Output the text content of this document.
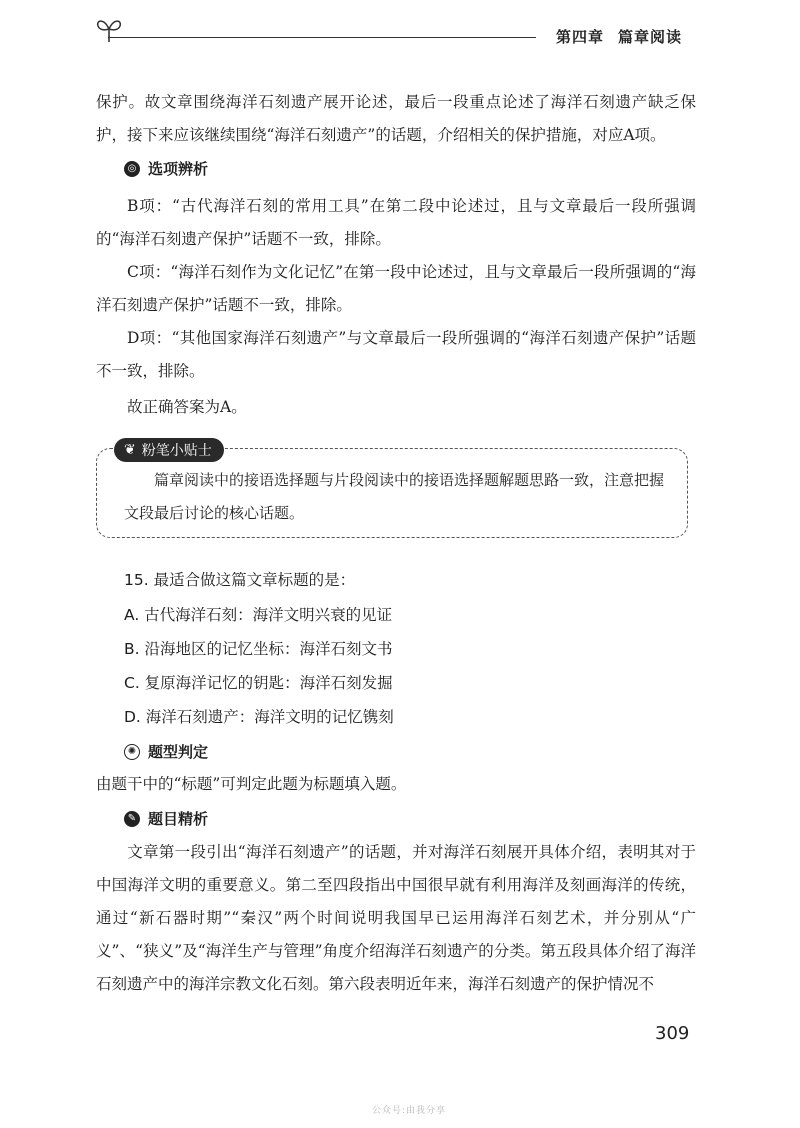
第四章 篇章阅读

保护。故文章围绕海洋石刻遗产展开论述，最后一段重点论述了海洋石刻遗产缺乏保护，接下来应该继续围绕“海洋石刻遗产”的话题，介绍相关的保护措施，对应A项。

◎ 选项辨析

B项：“古代海洋石刻的常用工具”在第二段中论述过，且与文章最后一段所强调的“海洋石刻遗产保护”话题不一致，排除。

C项：“海洋石刻作为文化记忆”在第一段中论述过，且与文章最后一段所强调的“海洋石刻遗产保护”话题不一致，排除。

D项：“其他国家海洋石刻遗产”与文章最后一段所强调的“海洋石刻遗产保护”话题不一致，排除。

故正确答案为A。

❦ 粉笔小贴士
篇章阅读中的接语选择题与片段阅读中的接语选择题解题思路一致，注意把握文段最后讨论的核心话题。
15. 最适合做这篇文章标题的是：
A. 古代海洋石刻：海洋文明兴衰的见证
B. 沿海地区的记忆坐标：海洋石刻文书
C. 复原海洋记忆的钥匙：海洋石刻发掘
D. 海洋石刻遗产：海洋文明的记忆镌刻
✺ 题型判定

由题干中的“标题”可判定此题为标题填入题。

✎ 题目精析

文章第一段引出“海洋石刻遗产”的话题，并对海洋石刻展开具体介绍，表明其对于中国海洋文明的重要意义。第二至四段指出中国很早就有利用海洋及刻画海洋的传统，通过“新石器时期”“秦汉”两个时间说明我国早已运用海洋石刻艺术，并分别从“广义”、“狭义”及“海洋生产与管理”角度介绍海洋石刻遗产的分类。第五段具体介绍了海洋石刻遗产中的海洋宗教文化石刻。第六段表明近年来，海洋石刻遗产的保护情况不

309
公众号:由我分享
